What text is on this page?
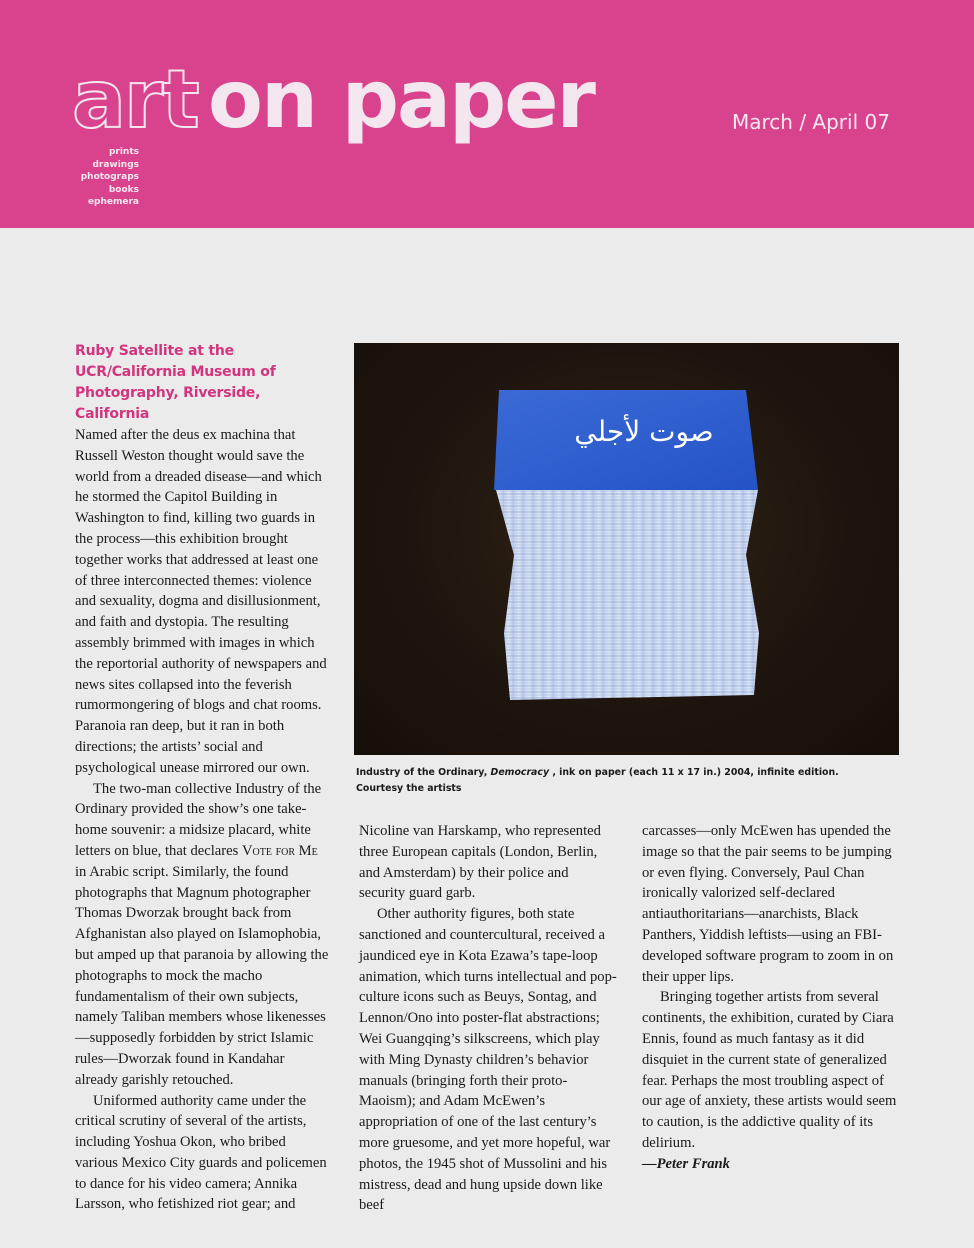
art on paper
prints
drawings
photograps
books
ephemera
March / April 07

Ruby Satellite at the UCR/California Museum of Photography, Riverside, California

Named after the deus ex machina that Russell Weston thought would save the world from a dreaded disease—and which he stormed the Capitol Building in Washington to find, killing two guards in the process—this exhibition brought together works that addressed at least one of three interconnected themes: violence and sexuality, dogma and disillusionment, and faith and dystopia. The resulting assembly brimmed with images in which the reportorial authority of newspapers and news sites collapsed into the feverish rumormongering of blogs and chat rooms. Paranoia ran deep, but it ran in both directions; the artists’ social and psychological unease mirrored our own.

The two-man collective Industry of the Ordinary provided the show’s one take-home souvenir: a midsize placard, white letters on blue, that declares Vote for Me in Arabic script. Similarly, the found photographs that Magnum photographer Thomas Dworzak brought back from Afghanistan also played on Islamophobia, but amped up that paranoia by allowing the photographs to mock the macho fundamentalism of their own subjects, namely Taliban members whose likenesses—supposedly forbidden by strict Islamic rules—Dworzak found in Kandahar already garishly retouched.

Uniformed authority came under the critical scrutiny of several of the artists, including Yoshua Okon, who bribed various Mexico City guards and policemen to dance for his video camera; Annika Larsson, who fetishized riot gear; and

صوت لأجلي
Industry of the Ordinary, Democracy , ink on paper (each 11 x 17 in.) 2004, infinite edition.
Courtesy the artists

Nicoline van Harskamp, who represented three European capitals (London, Berlin, and Amsterdam) by their police and security guard garb.

Other authority figures, both state sanctioned and countercultural, received a jaundiced eye in Kota Ezawa’s tape-loop animation, which turns intellectual and pop-culture icons such as Beuys, Sontag, and Lennon/Ono into poster-flat abstractions; Wei Guangqing’s silkscreens, which play with Ming Dynasty children’s behavior manuals (bringing forth their proto-Maoism); and Adam McEwen’s appropriation of one of the last century’s more gruesome, and yet more hopeful, war photos, the 1945 shot of Mussolini and his mistress, dead and hung upside down like beef

carcasses—only McEwen has upended the image so that the pair seems to be jumping or even flying. Conversely, Paul Chan ironically valorized self-declared antiauthoritarians—anarchists, Black Panthers, Yiddish leftists—using an FBI-developed software program to zoom in on their upper lips.

Bringing together artists from several continents, the exhibition, curated by Ciara Ennis, found as much fantasy as it did disquiet in the current state of generalized fear. Perhaps the most troubling aspect of our age of anxiety, these artists would seem to caution, is the addictive quality of its delirium.

—Peter Frank
